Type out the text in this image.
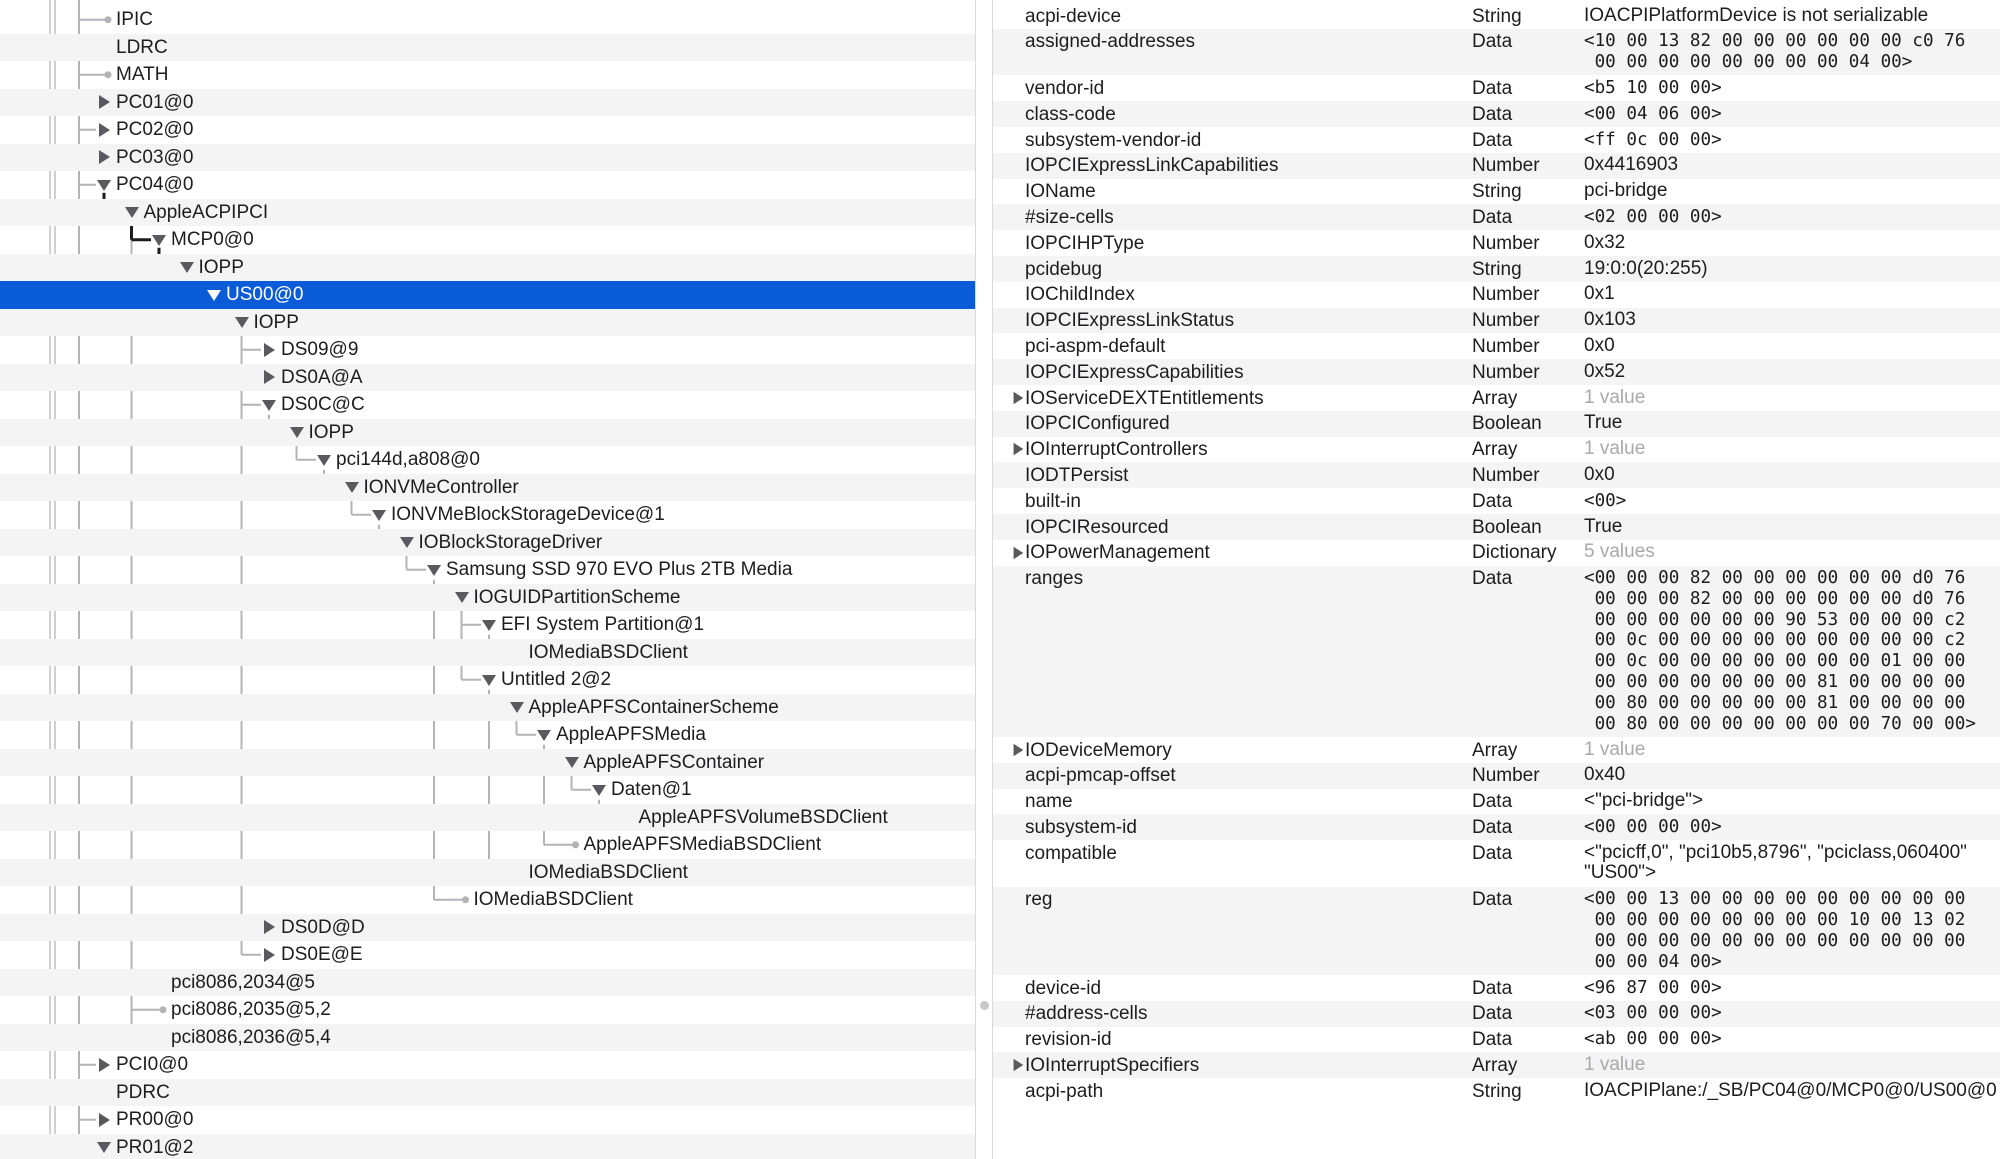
IPIC
LDRC
MATH
PC01@0
PC02@0
PC03@0
PC04@0
AppleACPIPCI
MCP0@0
IOPP
US00@0
IOPP
DS09@9
DS0A@A
DS0C@C
IOPP
pci144d,a808@0
IONVMeController
IONVMeBlockStorageDevice@1
IOBlockStorageDriver
Samsung SSD 970 EVO Plus 2TB Media
IOGUIDPartitionScheme
EFI System Partition@1
IOMediaBSDClient
Untitled 2@2
AppleAPFSContainerScheme
AppleAPFSMedia
AppleAPFSContainer
Daten@1
AppleAPFSVolumeBSDClient
AppleAPFSMediaBSDClient
IOMediaBSDClient
IOMediaBSDClient
DS0D@D
DS0E@E
pci8086,2034@5
pci8086,2035@5,2
pci8086,2036@5,4
PCI0@0
PDRC
PR00@0
PR01@2
acpi-device	String	IOACPIPlatformDevice is not serializable
assigned-addresses	Data	<10 00 13 82 00 00 00 00 00 00 c0 76
00 00 00 00 00 00 00 00 04 00>
vendor-id	Data	<b5 10 00 00>
class-code	Data	<00 04 06 00>
subsystem-vendor-id	Data	<ff 0c 00 00>
IOPCIExpressLinkCapabilities	Number 0x4416903
IOName	String	pci-bridge
#size-cells	Data	<02 00 00 00>
IOPCIHPType	Number 0x32
pcidebug	String	19:0:0(20:255)
IOChildIndex	Number 0x1
IOPCIExpressLinkStatus	Number 0x103
pci-aspm-default	Number 0x0
IOPCIExpressCapabilities	Number 0x52
IOServiceDEXTEntitlements	Array	1 value
IOPCIConfigured	Boolean True
IOInterruptControllers	Array	1 value
IODTPersist	Number 0x0
built-in	Data	<00>
IOPCIResourced	Boolean True
IOPowerManagement	Dictionary 5 values
ranges	Data	<00 00 00 82 00 00 00 00 00 00 d0 76
00 00 00 82 00 00 00 00 00 00 d0 76
00 00 00 00 00 00 90 53 00 00 00 c2
00 0c 00 00 00 00 00 00 00 00 00 c2
00 0c 00 00 00 00 00 00 00 01 00 00
00 00 00 00 00 00 00 81 00 00 00 00
00 80 00 00 00 00 00 81 00 00 00 00
00 80 00 00 00 00 00 00 00 70 00 00>
IODeviceMemory	Array	1 value
acpi-pmcap-offset	Number 0x40
name	Data	<"pci-bridge">
subsystem-id	Data	<00 00 00 00>
compatible	Data	<"pcicff,0", "pci10b5,8796", "pciclass,060400"
"US00">
reg	Data	<00 00 13 00 00 00 00 00 00 00 00 00
00 00 00 00 00 00 00 00 10 00 13 02
00 00 00 00 00 00 00 00 00 00 00 00
00 00 04 00>
device-id	Data	<96 87 00 00>
#address-cells	Data	<03 00 00 00>
revision-id	Data	<ab 00 00 00>
IOInterruptSpecifiers	Array	1 value
acpi-path	String	IOACPIPlane:/_SB/PC04@0/MCP0@0/US00@0
